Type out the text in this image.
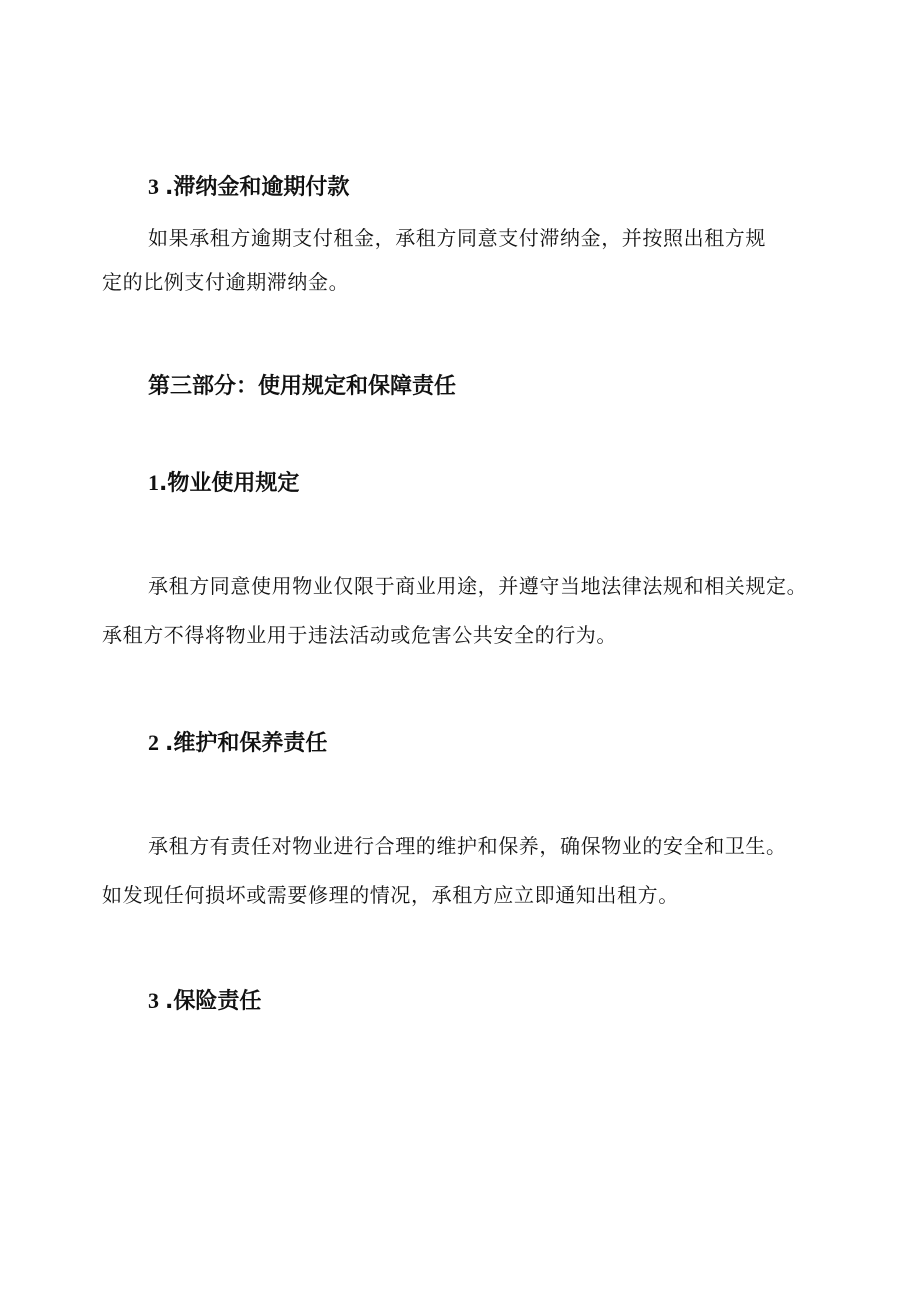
3 .滞纳金和逾期付款

如果承租方逾期支付租金，承租方同意支付滞纳金，并按照出租方规

定的比例支付逾期滞纳金。

第三部分：使用规定和保障责任
1.物业使用规定

承租方同意使用物业仅限于商业用途，并遵守当地法律法规和相关规定。

承租方不得将物业用于违法活动或危害公共安全的行为。

2 .维护和保养责任

承租方有责任对物业进行合理的维护和保养，确保物业的安全和卫生。

如发现任何损坏或需要修理的情况，承租方应立即通知出租方。

3 .保险责任
